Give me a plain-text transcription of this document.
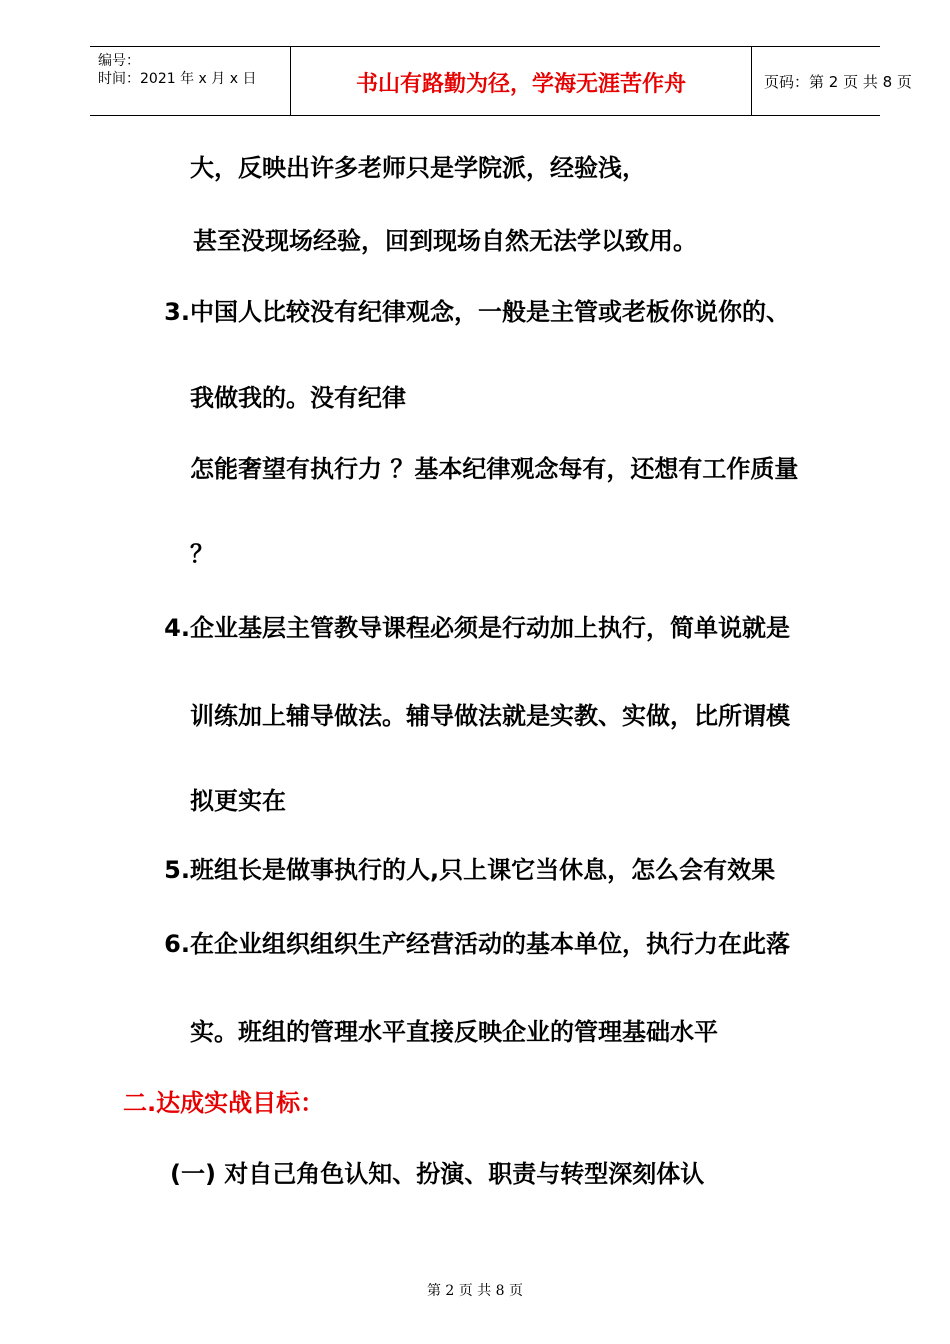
编号：
时间：2021 年 x 月 x 日	书山有路勤为径，学海无涯苦作舟	页码：第 2 页 共 8 页
大，反映出许多老师只是学院派，经验浅，
甚至没现场经验，回到现场自然无法学以致用。
3.中国人比较没有纪律观念，一般是主管或老板你说你的、
我做我的。没有纪律
怎能奢望有执行力 ？基本纪律观念每有，还想有工作质量
？
4.企业基层主管教导课程必须是行动加上执行，简单说就是
训练加上辅导做法。辅导做法就是实教、实做，比所谓模
拟更实在
5.班组长是做事执行的人,只上课它当休息，怎么会有效果
6.在企业组织组织生产经营活动的基本单位，执行力在此落
实。班组的管理水平直接反映企业的管理基础水平
二.达成实战目标：
(一) 对自己角色认知、扮演、职责与转型深刻体认
第 2 页 共 8 页
